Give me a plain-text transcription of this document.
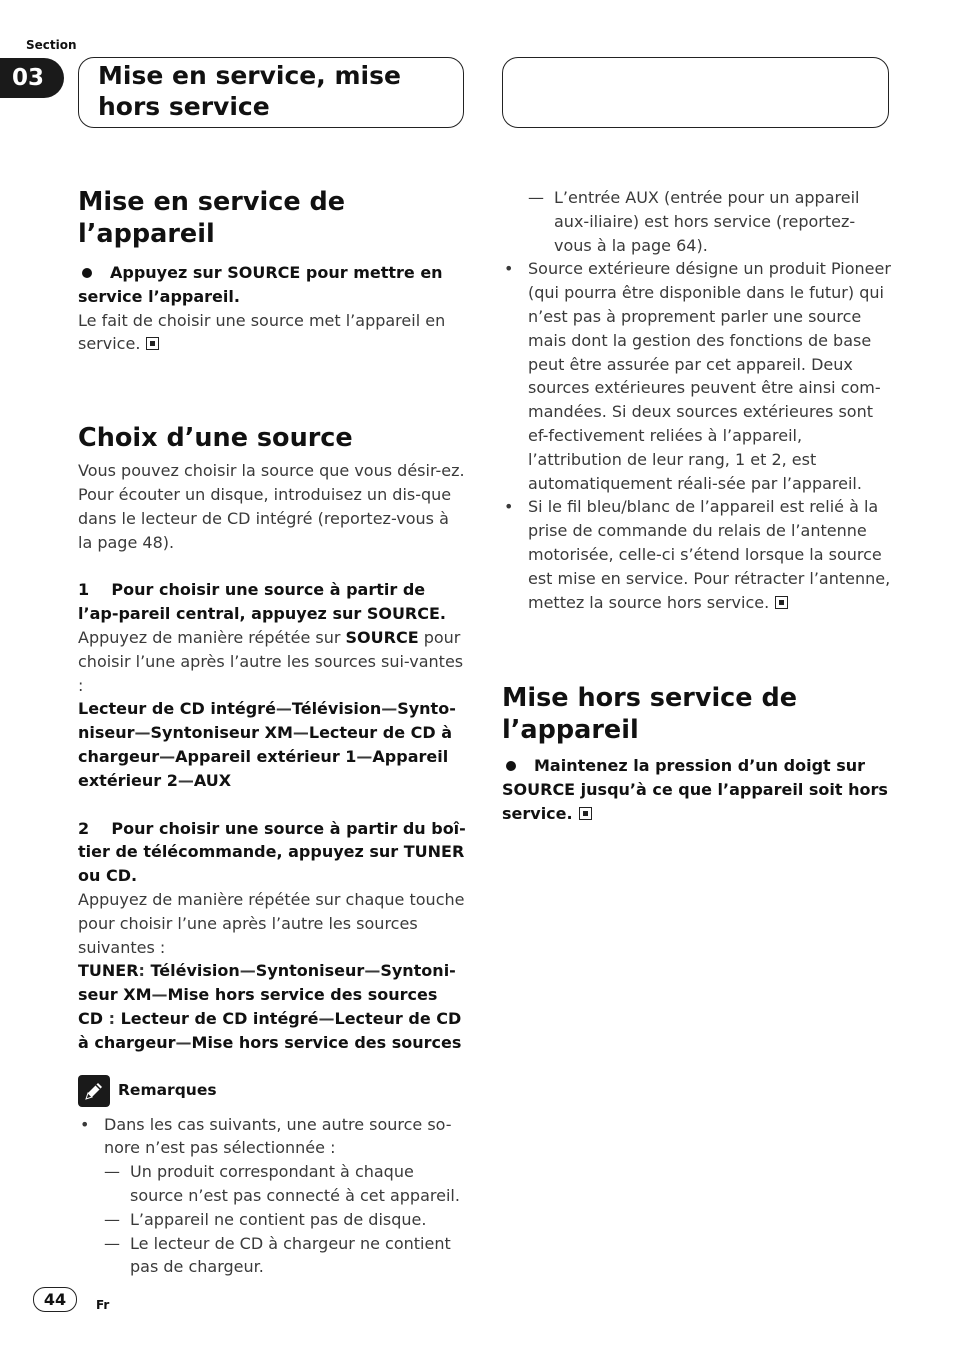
Section
03	Mise en service, mise hors service
Mise en service de l’appareil
Appuyez sur SOURCE pour mettre en service l’appareil.
Le fait de choisir une source met l’appareil en service.
Choix d’une source
Vous pouvez choisir la source que vous désir-ez. Pour écouter un disque, introduisez un dis-que dans le lecteur de CD intégré (reportez-vous à la page 48).
1 Pour choisir une source à partir de l’ap-pareil central, appuyez sur SOURCE.
Appuyez de manière répétée sur SOURCE pour choisir l’une après l’autre les sources sui-vantes :
Lecteur de CD intégré—Télévision—Synto-niseur—Syntoniseur XM—Lecteur de CD à chargeur—Appareil extérieur 1—Appareil extérieur 2—AUX
2 Pour choisir une source à partir du boî-tier de télécommande, appuyez sur TUNER ou CD.
Appuyez de manière répétée sur chaque touche pour choisir l’une après l’autre les sources suivantes :
TUNER: Télévision—Syntoniseur—Syntoni-seur XM—Mise hors service des sources CD : Lecteur de CD intégré—Lecteur de CD à chargeur—Mise hors service des sources
Remarques
• Dans les cas suivants, une autre source so-nore n’est pas sélectionnée :
— Un produit correspondant à chaque source n’est pas connecté à cet appareil.
— L’appareil ne contient pas de disque.
— Le lecteur de CD à chargeur ne contient pas de chargeur.
— L’entrée AUX (entrée pour un appareil aux-iliaire) est hors service (reportez-vous à la page 64).
• Source extérieure désigne un produit Pioneer (qui pourra être disponible dans le futur) qui n’est pas à proprement parler une source mais dont la gestion des fonctions de base peut être assurée par cet appareil. Deux sources extérieures peuvent être ainsi com-mandées. Si deux sources extérieures sont ef-fectivement reliées à l’appareil, l’attribution de leur rang, 1 et 2, est automatiquement réali-sée par l’appareil.
• Si le fil bleu/blanc de l’appareil est relié à la prise de commande du relais de l’antenne motorisée, celle-ci s’étend lorsque la source est mise en service. Pour rétracter l’antenne, mettez la source hors service.
Mise hors service de l’appareil
Maintenez la pression d’un doigt sur SOURCE jusqu’à ce que l’appareil soit hors service.
44	Fr
